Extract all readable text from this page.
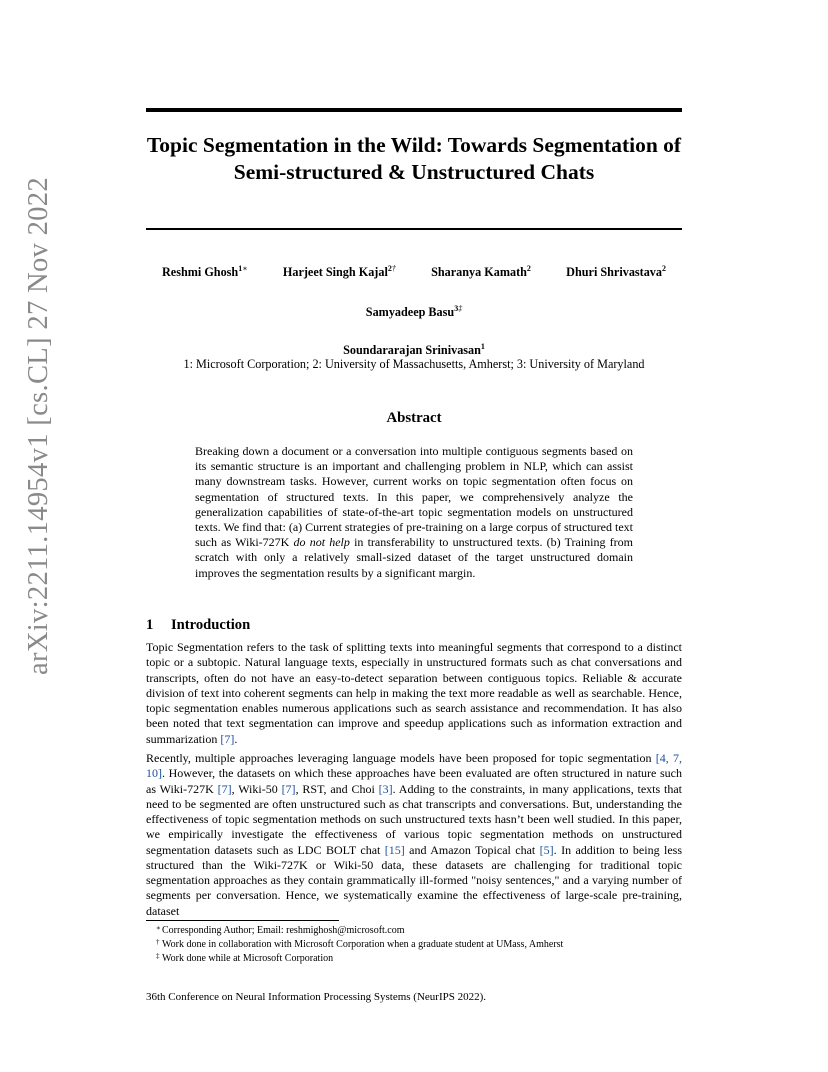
arXiv:2211.14954v1 [cs.CL] 27 Nov 2022
Topic Segmentation in the Wild: Towards Segmentation of Semi-structured & Unstructured Chats
Reshmi Ghosh$^{1∗}$	Harjeet Singh Kajal$^{2\dagger}$	Sharanya Kamath$^2$	Dhuri Shrivastava$^2$
Samyadeep Basu$^{3\ddagger}$
Soundararajan Srinivasan$^1$
1: Microsoft Corporation; 2: University of Massachusetts, Amherst; 3: University of Maryland
Abstract
Breaking down a document or a conversation into multiple contiguous segments based on its semantic structure is an important and challenging problem in NLP, which can assist many downstream tasks. However, current works on topic segmentation often focus on segmentation of structured texts. In this paper, we comprehensively analyze the generalization capabilities of state-of-the-art topic segmentation models on unstructured texts. We find that: (a) Current strategies of pre-training on a large corpus of structured text such as Wiki-727K do not help in transferability to unstructured texts. (b) Training from scratch with only a relatively small-sized dataset of the target unstructured domain improves the segmentation results by a significant margin.
1 Introduction
Topic Segmentation refers to the task of splitting texts into meaningful segments that correspond to a distinct topic or a subtopic. Natural language texts, especially in unstructured formats such as chat conversations and transcripts, often do not have an easy-to-detect separation between contiguous topics. Reliable & accurate division of text into coherent segments can help in making the text more readable as well as searchable. Hence, topic segmentation enables numerous applications such as search assistance and recommendation. It has also been noted that text segmentation can improve and speedup applications such as information extraction and summarization [7].
Recently, multiple approaches leveraging language models have been proposed for topic segmentation [4, 7, 10]. However, the datasets on which these approaches have been evaluated are often structured in nature such as Wiki-727K [7], Wiki-50 [7], RST, and Choi [3]. Adding to the constraints, in many applications, texts that need to be segmented are often unstructured such as chat transcripts and conversations. But, understanding the effectiveness of topic segmentation methods on such unstructured texts hasn’t been well studied. In this paper, we empirically investigate the effectiveness of various topic segmentation methods on unstructured segmentation datasets such as LDC BOLT chat [15] and Amazon Topical chat [5]. In addition to being less structured than the Wiki-727K or Wiki-50 data, these datasets are challenging for traditional topic segmentation approaches as they contain grammatically ill-formed "noisy sentences," and a varying number of segments per conversation. Hence, we systematically examine the effectiveness of large-scale pre-training, dataset
∗ Corresponding Author; Email: reshmighosh@microsoft.com
† Work done in collaboration with Microsoft Corporation when a graduate student at UMass, Amherst
‡ Work done while at Microsoft Corporation
36th Conference on Neural Information Processing Systems (NeurIPS 2022).
